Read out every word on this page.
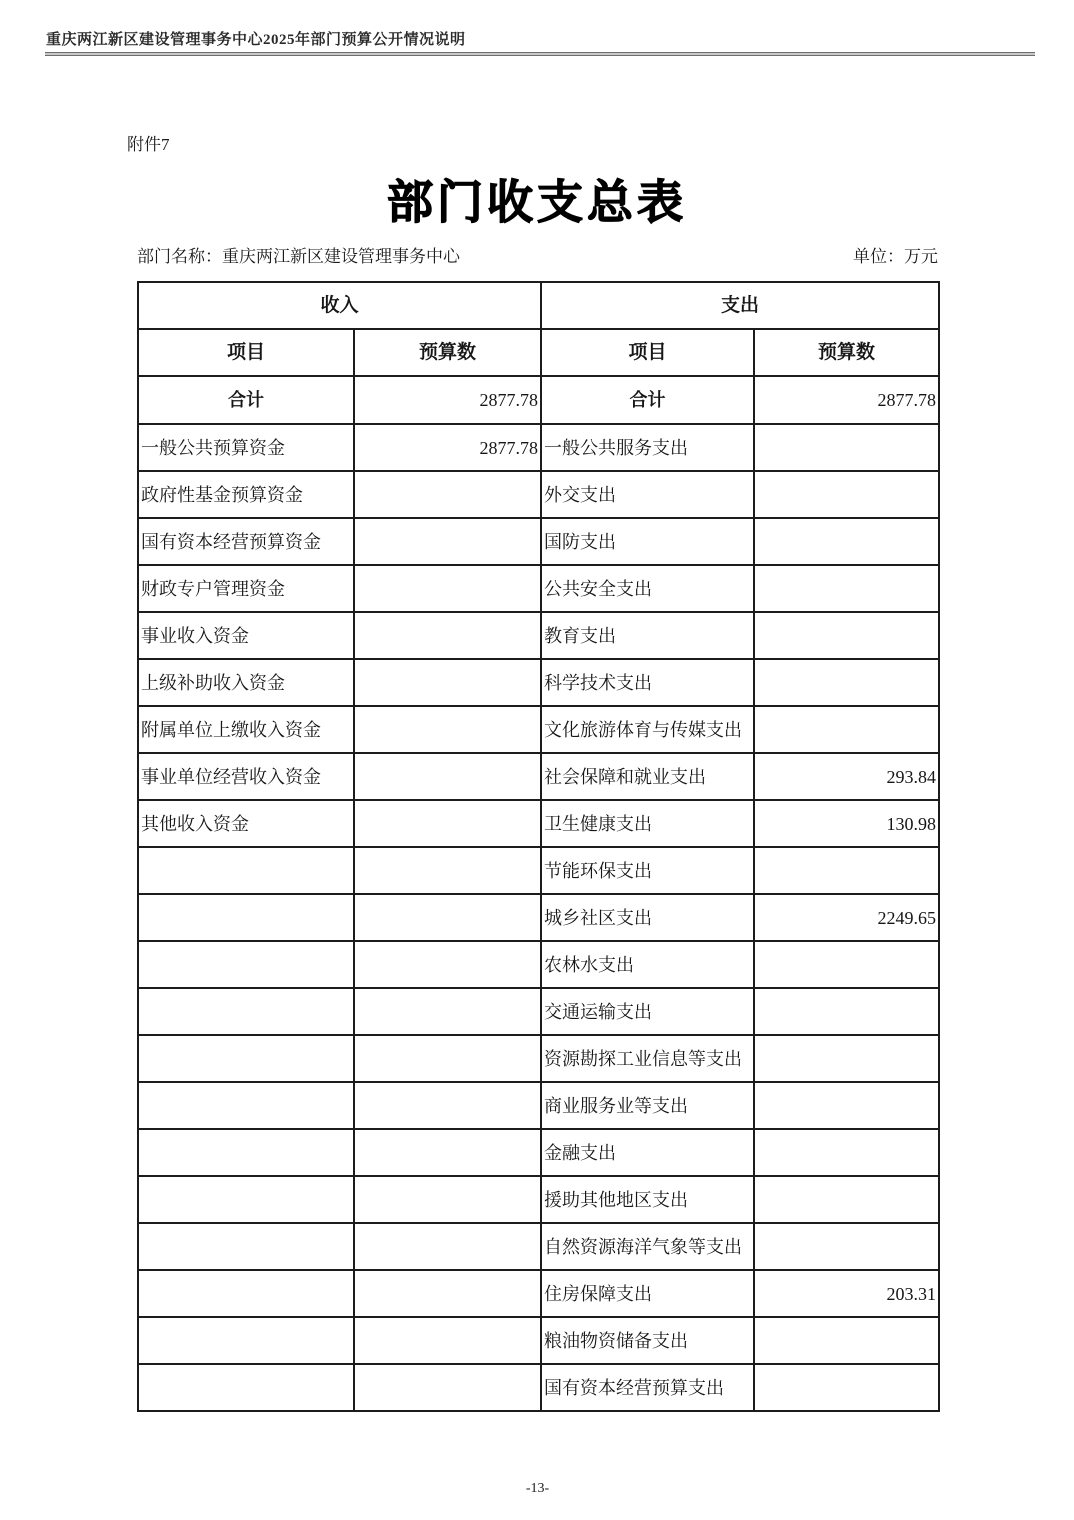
重庆两江新区建设管理事务中心2025年部门预算公开情况说明
附件7
部门收支总表
部门名称：重庆两江新区建设管理事务中心	单位：万元
收入		支出	
项目	预算数	项目	预算数
合计	2877.78	合计	2877.78
一般公共预算资金	2877.78	一般公共服务支出	
政府性基金预算资金		外交支出	
国有资本经营预算资金		国防支出	
财政专户管理资金		公共安全支出	
事业收入资金		教育支出	
上级补助收入资金		科学技术支出	
附属单位上缴收入资金		文化旅游体育与传媒支出	
事业单位经营收入资金		社会保障和就业支出	293.84
其他收入资金		卫生健康支出	130.98
		节能环保支出	
		城乡社区支出	2249.65
		农林水支出	
		交通运输支出	
		资源勘探工业信息等支出	
		商业服务业等支出	
		金融支出	
		援助其他地区支出	
		自然资源海洋气象等支出	
		住房保障支出	203.31
		粮油物资储备支出	
		国有资本经营预算支出	
-13-
